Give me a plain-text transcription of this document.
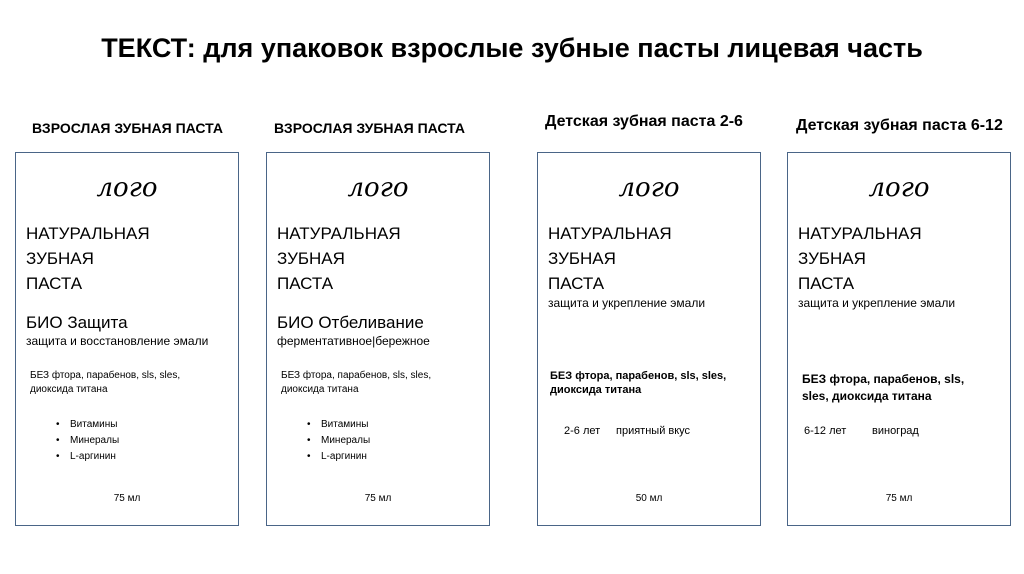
ТЕКСТ: для упаковок взрослые зубные пасты лицевая часть
ВЗРОСЛАЯ ЗУБНАЯ ПАСТА

лого

НАТУРАЛЬНАЯ
ЗУБНАЯ
ПАСТА

БИО Защита

защита и восстановление эмали

БЕЗ фтора, парабенов, sls, sles,
диоксида титана
• Витамины
• Минералы
• L-аргинин

75 мл

ВЗРОСЛАЯ ЗУБНАЯ ПАСТА

лого

НАТУРАЛЬНАЯ
ЗУБНАЯ
ПАСТА

БИО Отбеливание

ферментативное|бережное

БЕЗ фтора, парабенов, sls, sles,
диоксида титана
• Витамины
• Минералы
• L-аргинин

75 мл

Детская зубная паста 2-6

лого

НАТУРАЛЬНАЯ
ЗУБНАЯ
ПАСТА

защита и укрепление эмали

БЕЗ фтора, парабенов, sls, sles,
диоксида титана

2-6 лет приятный вкус

50 мл

Детская зубная паста 6-12

лого

НАТУРАЛЬНАЯ
ЗУБНАЯ
ПАСТА

защита и укрепление эмали

БЕЗ фтора, парабенов, sls,
sles, диоксида титана

6-12 лет виноград

75 мл
